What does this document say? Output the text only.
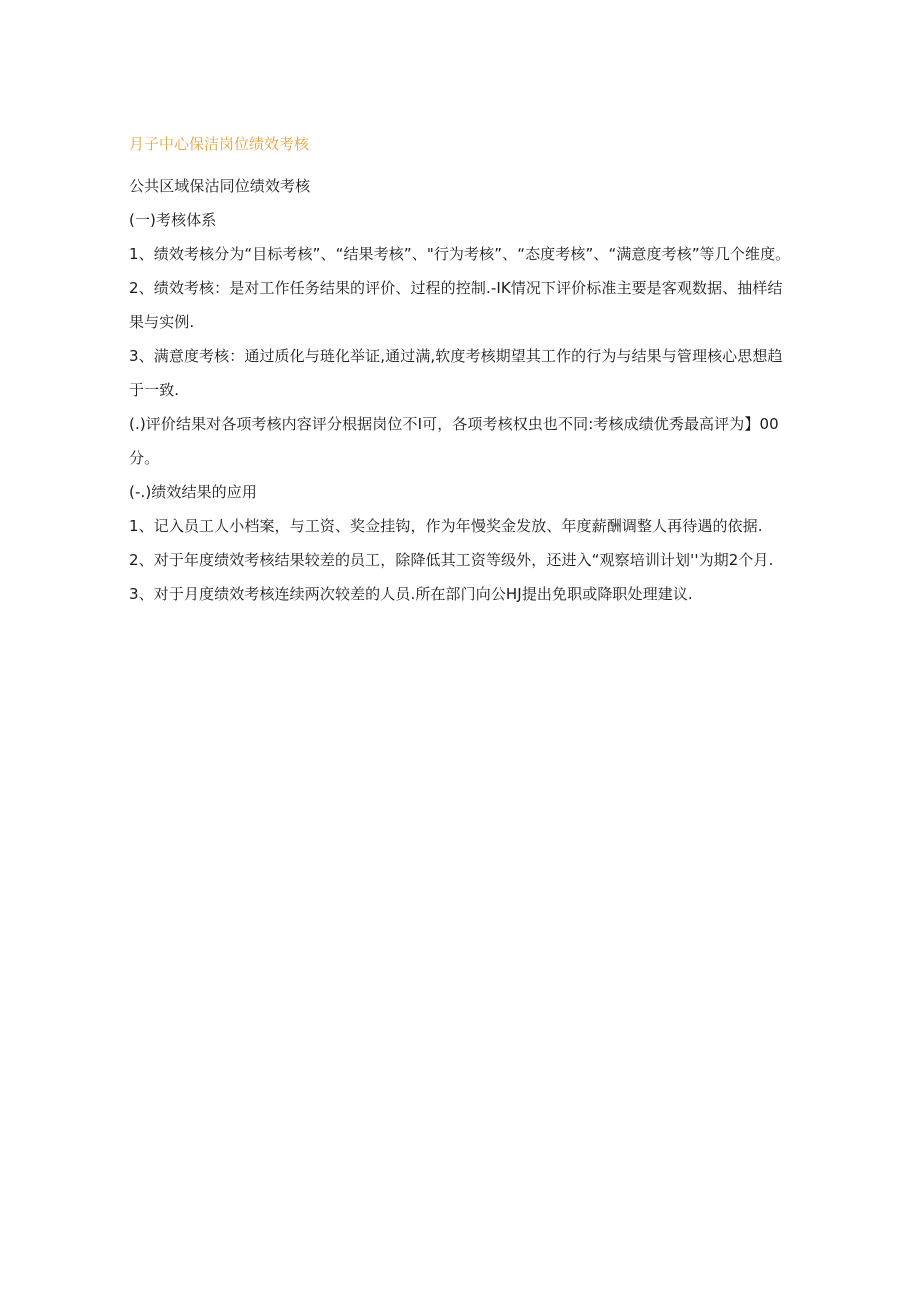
月子中心保洁岗位绩效考核

公共区域保沽同位绩效考核

(一)考核体系

1、绩效考核分为“目标考核”、“结果考核”、"行为考核”、“态度考核”、“满意度考核”等几个维度。

2、绩效考核：是对工作任务结果的评价、过程的控制.-IK情况下评价标准主要是客观数据、抽样结果与实例.

3、满意度考核：通过质化与琏化举证,通过满,软度考核期望其工作的行为与结果与管理核心思想趋于一致.

(.)评价结果对各项考核内容评分根据岗位不I可，各项考核权虫也不同:考核成绩优秀最高评为】00分。

(-.)绩效结果的应用

1、记入员工人小档案，与工资、奖佥挂钩，作为年慢奖金发放、年度薪酬调整人再待遇的依据.

2、对于年度绩效考核结果较差的员工，除降低其工资等级外，还进入“观察培训计划''为期2个月.

3、对于月度绩效考核连续两次较差的人员.所在部门向公HJ提出免职或降职处理建议.
